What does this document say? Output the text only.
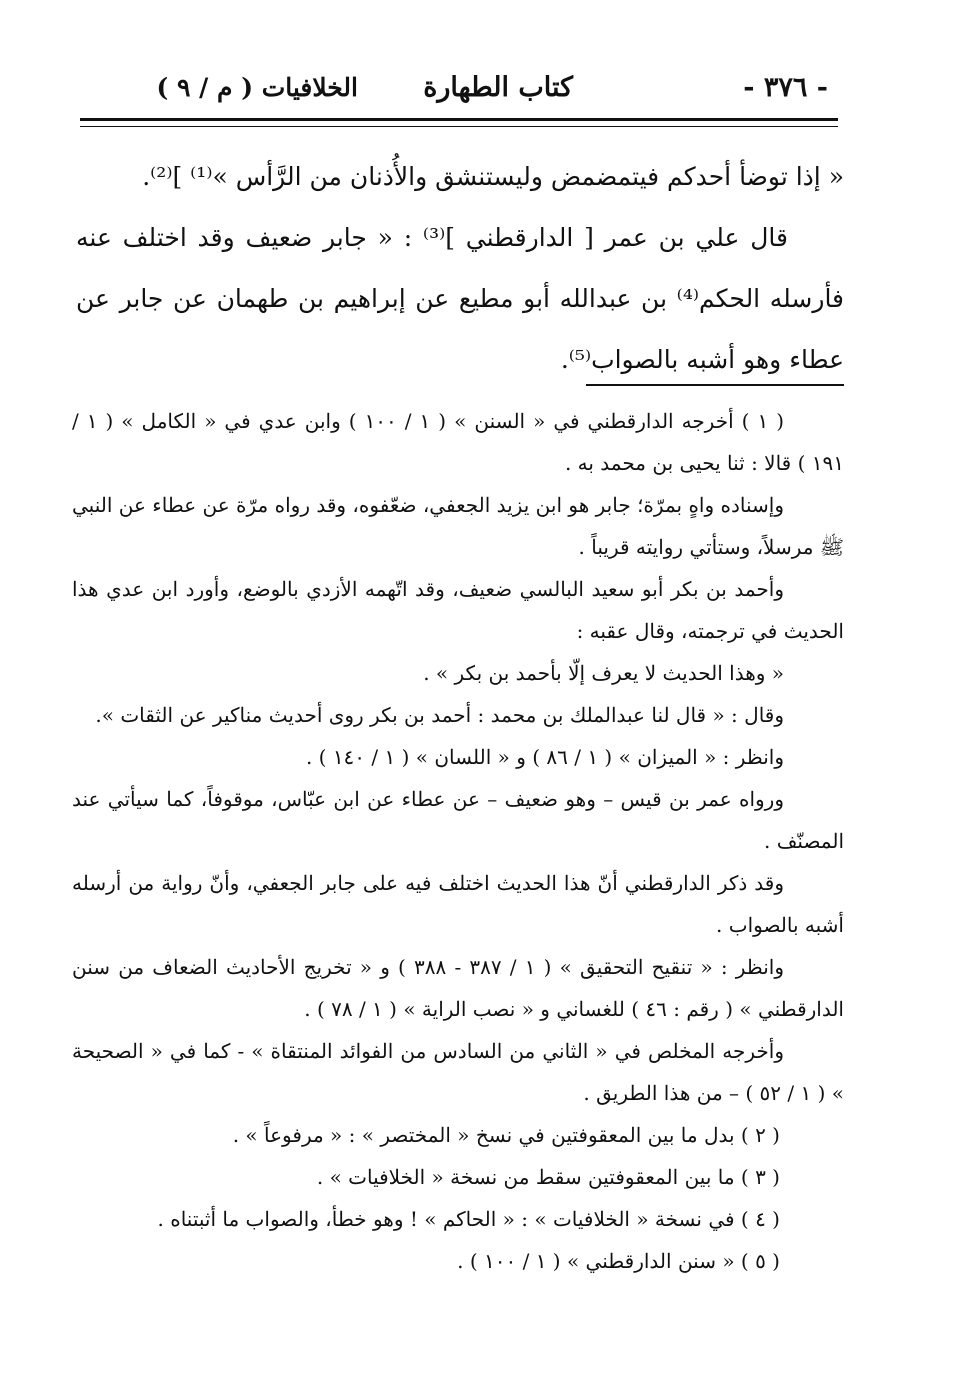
- ٣٧٦ -
كتاب الطهارة
الخلافيات ( م / ٩ )

« إذا توضأ أحدكم فيتمضمض وليستنشق والأُذنان من الرَّأس »⁽¹⁾ ]⁽²⁾.

قال علي بن عمر [ الدارقطني ]⁽³⁾ : « جابر ضعيف وقد اختلف عنه فأرسله الحكم⁽⁴⁾ بن عبدالله أبو مطيع عن إبراهيم بن طهمان عن جابر عن عطاء وهو أشبه بالصواب⁽⁵⁾.

( ١ ) أخرجه الدارقطني في « السنن » ( ١ / ١٠٠ ) وابن عدي في « الكامل » ( ١ / ١٩١ ) قالا : ثنا يحيى بن محمد به .

وإسناده واهٍ بمرّة؛ جابر هو ابن يزيد الجعفي، ضعّفوه، وقد رواه مرّة عن عطاء عن النبي ﷺ مرسلاً، وستأتي روايته قريباً .

وأحمد بن بكر أبو سعيد البالسي ضعيف، وقد اتّهمه الأزدي بالوضع، وأورد ابن عدي هذا الحديث في ترجمته، وقال عقبه :

« وهذا الحديث لا يعرف إلّا بأحمد بن بكر » .

وقال : « قال لنا عبدالملك بن محمد : أحمد بن بكر روى أحديث مناكير عن الثقات ».

وانظر : « الميزان » ( ١ / ٨٦ ) و « اللسان » ( ١ / ١٤٠ ) .

ورواه عمر بن قيس – وهو ضعيف – عن عطاء عن ابن عبّاس، موقوفاً، كما سيأتي عند المصنّف .

وقد ذكر الدارقطني أنّ هذا الحديث اختلف فيه على جابر الجعفي، وأنّ رواية من أرسله أشبه بالصواب .

وانظر : « تنقيح التحقيق » ( ١ / ٣٨٧ - ٣٨٨ ) و « تخريج الأحاديث الضعاف من سنن الدارقطني » ( رقم : ٤٦ ) للغساني و « نصب الراية » ( ١ / ٧٨ ) .

وأخرجه المخلص في « الثاني من السادس من الفوائد المنتقاة » - كما في « الصحيحة » ( ١ / ٥٢ ) – من هذا الطريق .

( ٢ ) بدل ما بين المعقوفتين في نسخ « المختصر » : « مرفوعاً » .

( ٣ ) ما بين المعقوفتين سقط من نسخة « الخلافيات » .

( ٤ ) في نسخة « الخلافيات » : « الحاكم » ! وهو خطأ، والصواب ما أثبتناه .

( ٥ ) « سنن الدارقطني » ( ١ / ١٠٠ ) .
